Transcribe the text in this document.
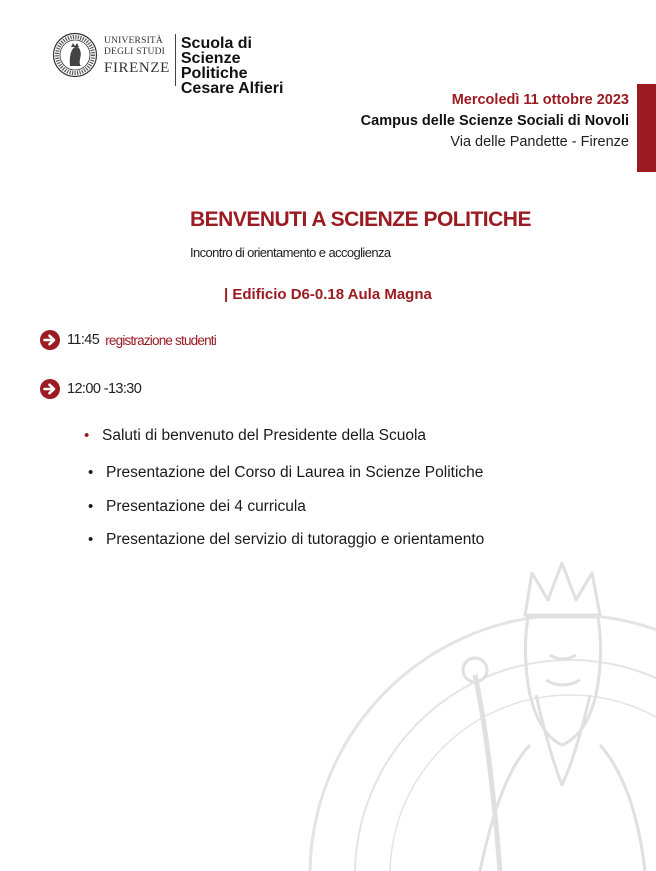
UNIVERSITÀ
DEGLI STUDI
FIRENZE
Scuola di
Scienze
Politiche
Cesare Alfieri
Mercoledì 11 ottobre 2023
Campus delle Scienze Sociali di Novoli
Via delle Pandette - Firenze
BENVENUTI A SCIENZE POLITICHE
Incontro di orientamento e accoglienza
| Edificio D6-0.18 Aula Magna
11:45 registrazione studenti
12:00 -13:30
• Saluti di benvenuto del Presidente della Scuola
• Presentazione del Corso di Laurea in Scienze Politiche
• Presentazione dei 4 curricula
• Presentazione del servizio di tutoraggio e orientamento
